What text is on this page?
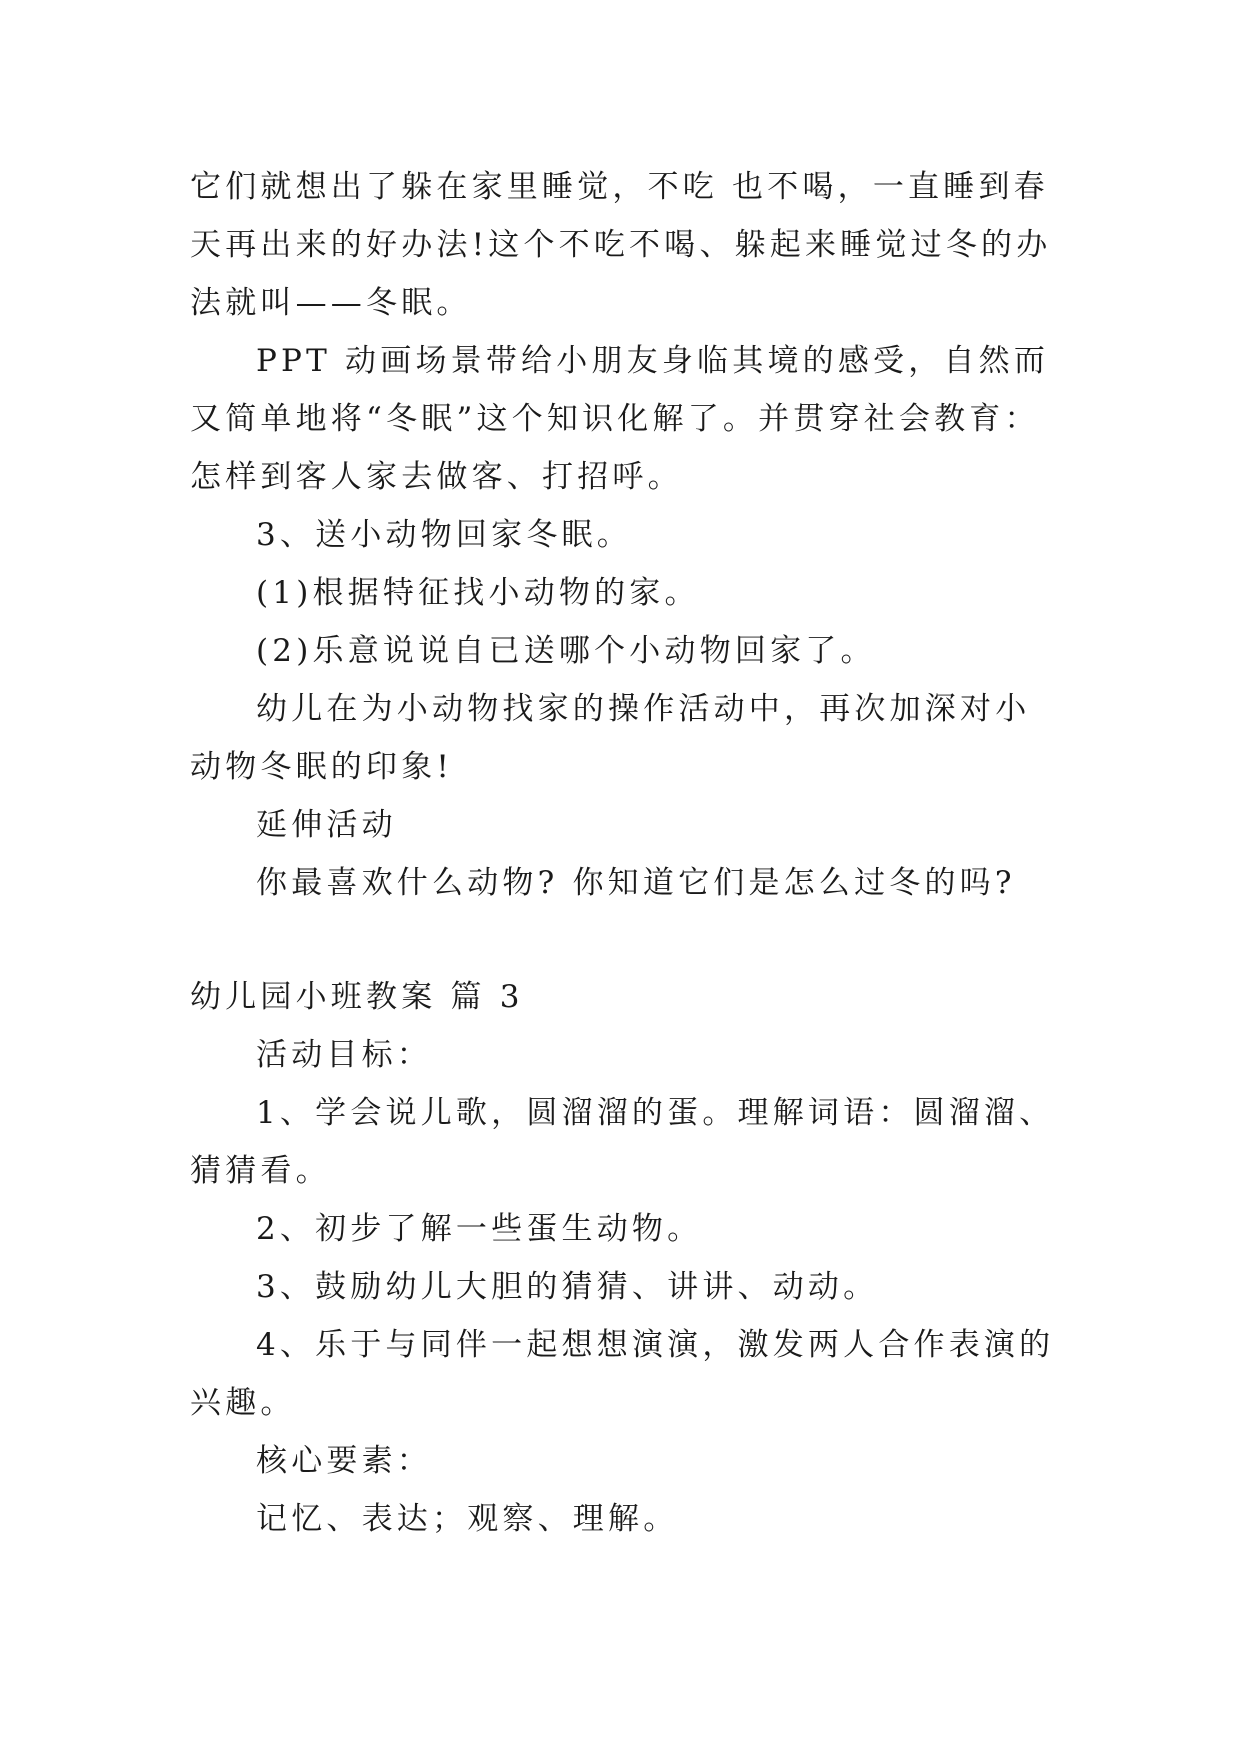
它们就想出了躲在家里睡觉，不吃 也不喝，一直睡到春天再出来的好办法!这个不吃不喝、躲起来睡觉过冬的办法就叫——冬眠。

PPT 动画场景带给小朋友身临其境的感受，自然而又简单地将“冬眠”这个知识化解了。并贯穿社会教育：怎样到客人家去做客、打招呼。

3、送小动物回家冬眠。

(1)根据特征找小动物的家。

(2)乐意说说自已送哪个小动物回家了。

幼儿在为小动物找家的操作活动中，再次加深对小动物冬眠的印象!

延伸活动

你最喜欢什么动物? 你知道它们是怎么过冬的吗?

幼儿园小班教案 篇 3

活动目标：

1、学会说儿歌，圆溜溜的蛋。理解词语：圆溜溜、猜猜看。

2、初步了解一些蛋生动物。

3、鼓励幼儿大胆的猜猜、讲讲、动动。

4、乐于与同伴一起想想演演，激发两人合作表演的兴趣。

核心要素：

记忆、表达；观察、理解。
